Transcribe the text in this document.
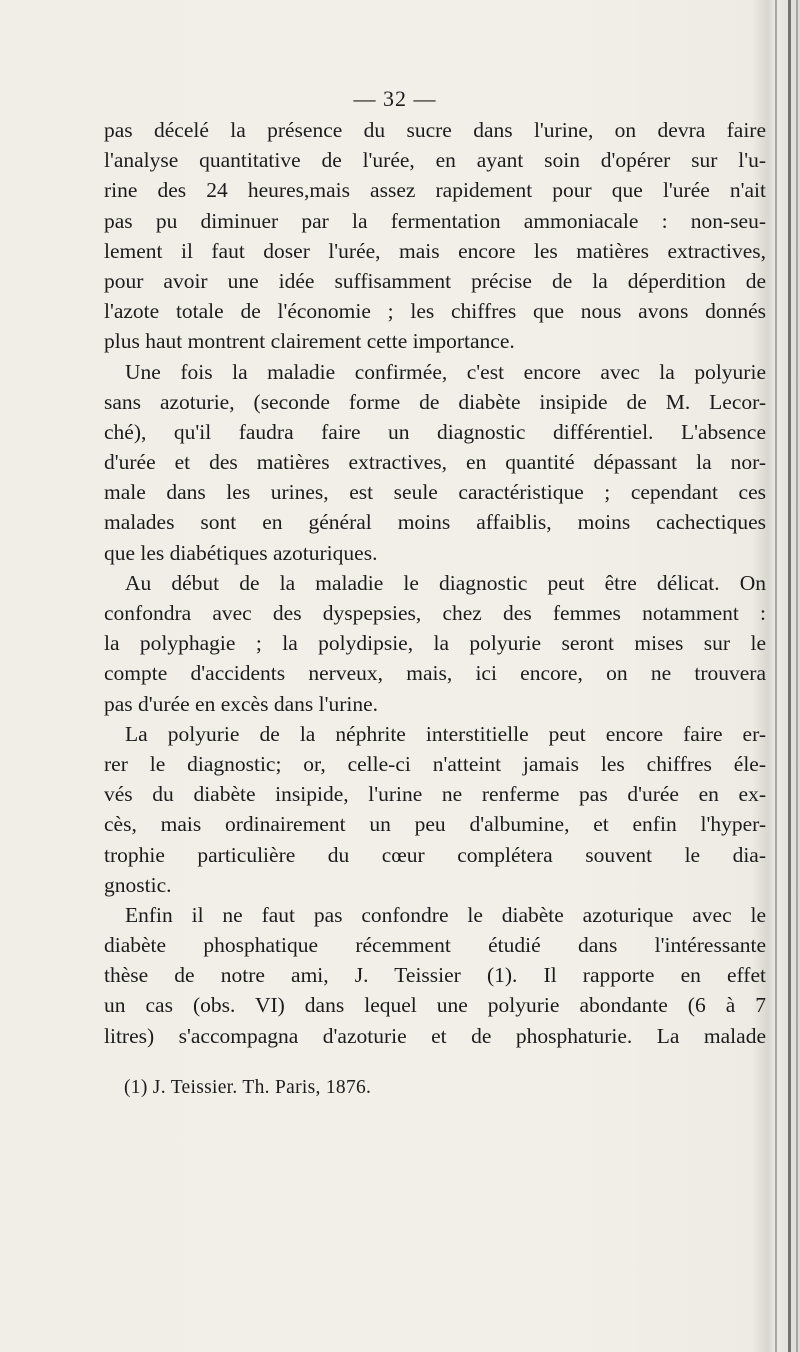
— 32 —
pas décelé la présence du sucre dans l'urine, on devra faire
l'analyse quantitative de l'urée, en ayant soin d'opérer sur l'u-
rine des 24 heures,mais assez rapidement pour que l'urée n'ait
pas pu diminuer par la fermentation ammoniacale : non-seu-
lement il faut doser l'urée, mais encore les matières extractives,
pour avoir une idée suffisamment précise de la déperdition de
l'azote totale de l'économie ; les chiffres que nous avons donnés
plus haut montrent clairement cette importance.
Une fois la maladie confirmée, c'est encore avec la polyurie
sans azoturie, (seconde forme de diabète insipide de M. Lecor-
ché), qu'il faudra faire un diagnostic différentiel. L'absence
d'urée et des matières extractives, en quantité dépassant la nor-
male dans les urines, est seule caractéristique ; cependant ces
malades sont en général moins affaiblis, moins cachectiques
que les diabétiques azoturiques.
Au début de la maladie le diagnostic peut être délicat. On
confondra avec des dyspepsies, chez des femmes notamment :
la polyphagie ; la polydipsie, la polyurie seront mises sur le
compte d'accidents nerveux, mais, ici encore, on ne trouvera
pas d'urée en excès dans l'urine.
La polyurie de la néphrite interstitielle peut encore faire er-
rer le diagnostic; or, celle-ci n'atteint jamais les chiffres éle-
vés du diabète insipide, l'urine ne renferme pas d'urée en ex-
cès, mais ordinairement un peu d'albumine, et enfin l'hyper-
trophie particulière du cœur complétera souvent le dia-
gnostic.
Enfin il ne faut pas confondre le diabète azoturique avec le
diabète phosphatique récemment étudié dans l'intéressante
thèse de notre ami, J. Teissier (1). Il rapporte en effet
un cas (obs. VI) dans lequel une polyurie abondante (6 à 7
litres) s'accompagna d'azoturie et de phosphaturie. La malade
(1) J. Teissier. Th. Paris, 1876.
